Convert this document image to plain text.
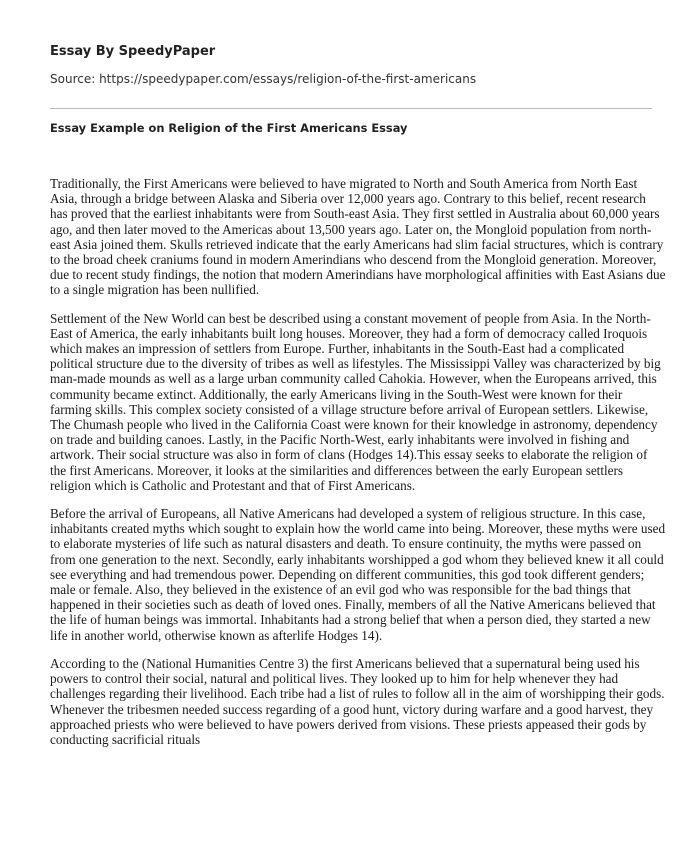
Essay By SpeedyPaper

Source: https://speedypaper.com/essays/religion-of-the-first-americans

Essay Example on Religion of the First Americans Essay

Traditionally, the First Americans were believed to have migrated to North and South America from North East Asia, through a bridge between Alaska and Siberia over 12,000 years ago. Contrary to this belief, recent research has proved that the earliest inhabitants were from South-east Asia. They first settled in Australia about 60,000 years ago, and then later moved to the Americas about 13,500 years ago. Later on, the Mongloid population from north-east Asia joined them. Skulls retrieved indicate that the early Americans had slim facial structures, which is contrary to the broad cheek craniums found in modern Amerindians who descend from the Mongloid generation. Moreover, due to recent study findings, the notion that modern Amerindians have morphological affinities with East Asians due to a single migration has been nullified.

Settlement of the New World can best be described using a constant movement of people from Asia. In the North-East of America, the early inhabitants built long houses. Moreover, they had a form of democracy called Iroquois which makes an impression of settlers from Europe. Further, inhabitants in the South-East had a complicated political structure due to the diversity of tribes as well as lifestyles. The Mississippi Valley was characterized by big man-made mounds as well as a large urban community called Cahokia. However, when the Europeans arrived, this community became extinct. Additionally, the early Americans living in the South-West were known for their farming skills. This complex society consisted of a village structure before arrival of European settlers. Likewise, The Chumash people who lived in the California Coast were known for their knowledge in astronomy, dependency on trade and building canoes. Lastly, in the Pacific North-West, early inhabitants were involved in fishing and artwork. Their social structure was also in form of clans (Hodges 14).This essay seeks to elaborate the religion of the first Americans. Moreover, it looks at the similarities and differences between the early European settlers religion which is Catholic and Protestant and that of First Americans.

Before the arrival of Europeans, all Native Americans had developed a system of religious structure. In this case, inhabitants created myths which sought to explain how the world came into being. Moreover, these myths were used to elaborate mysteries of life such as natural disasters and death. To ensure continuity, the myths were passed on from one generation to the next. Secondly, early inhabitants worshipped a god whom they believed knew it all could see everything and had tremendous power. Depending on different communities, this god took different genders; male or female. Also, they believed in the existence of an evil god who was responsible for the bad things that happened in their societies such as death of loved ones. Finally, members of all the Native Americans believed that the life of human beings was immortal. Inhabitants had a strong belief that when a person died, they started a new life in another world, otherwise known as afterlife Hodges 14).

According to the (National Humanities Centre 3) the first Americans believed that a supernatural being used his powers to control their social, natural and political lives. They looked up to him for help whenever they had challenges regarding their livelihood. Each tribe had a list of rules to follow all in the aim of worshipping their gods. Whenever the tribesmen needed success regarding of a good hunt, victory during warfare and a good harvest, they approached priests who were believed to have powers derived from visions. These priests appeased their gods by conducting sacrificial rituals
